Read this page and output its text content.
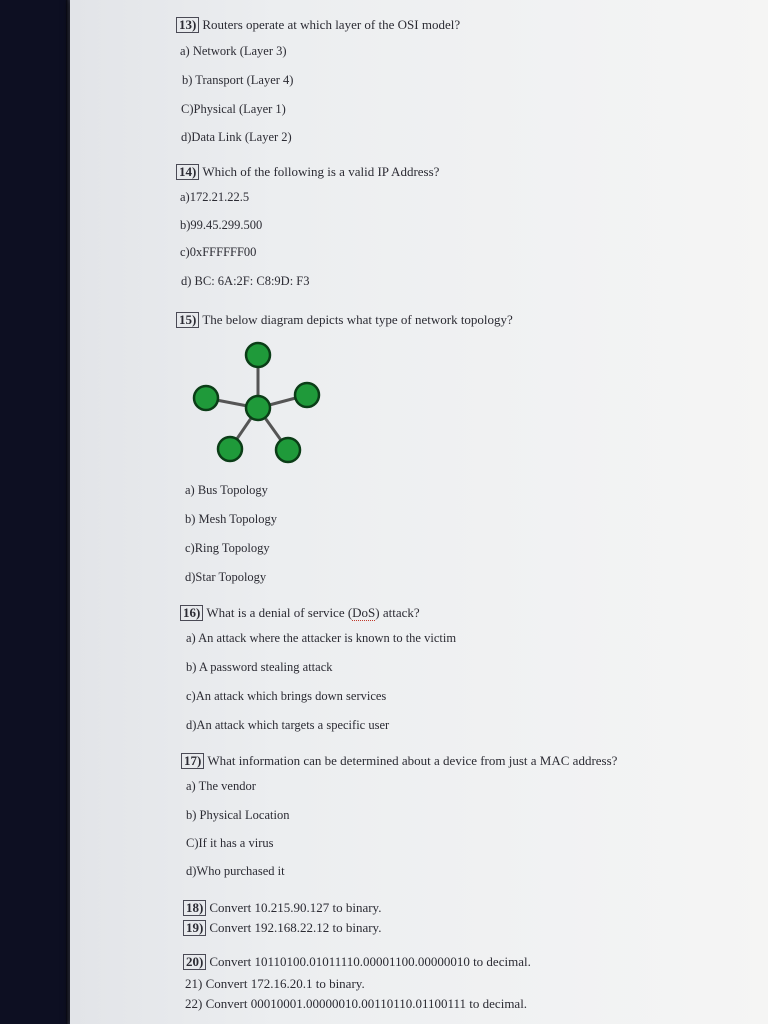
13) Routers operate at which layer of the OSI model?
a) Network (Layer 3)
b) Transport (Layer 4)
C)Physical (Layer 1)
d)Data Link (Layer 2)
14) Which of the following is a valid IP Address?
a)172.21.22.5
b)99.45.299.500
c)0xFFFFFF00
d) BC: 6A:2F: C8:9D: F3
15) The below diagram depicts what type of network topology?
a) Bus Topology
b) Mesh Topology
c)Ring Topology
d)Star Topology
16) What is a denial of service (DoS) attack?
a) An attack where the attacker is known to the victim
b) A password stealing attack
c)An attack which brings down services
d)An attack which targets a specific user
17) What information can be determined about a device from just a MAC address?
a) The vendor
b) Physical Location
C)If it has a virus
d)Who purchased it
18) Convert 10.215.90.127 to binary.
19) Convert 192.168.22.12 to binary.
20) Convert 10110100.01011110.00001100.00000010 to decimal.
21) Convert 172.16.20.1 to binary.
22) Convert 00010001.00000010.00110110.01100111 to decimal.
